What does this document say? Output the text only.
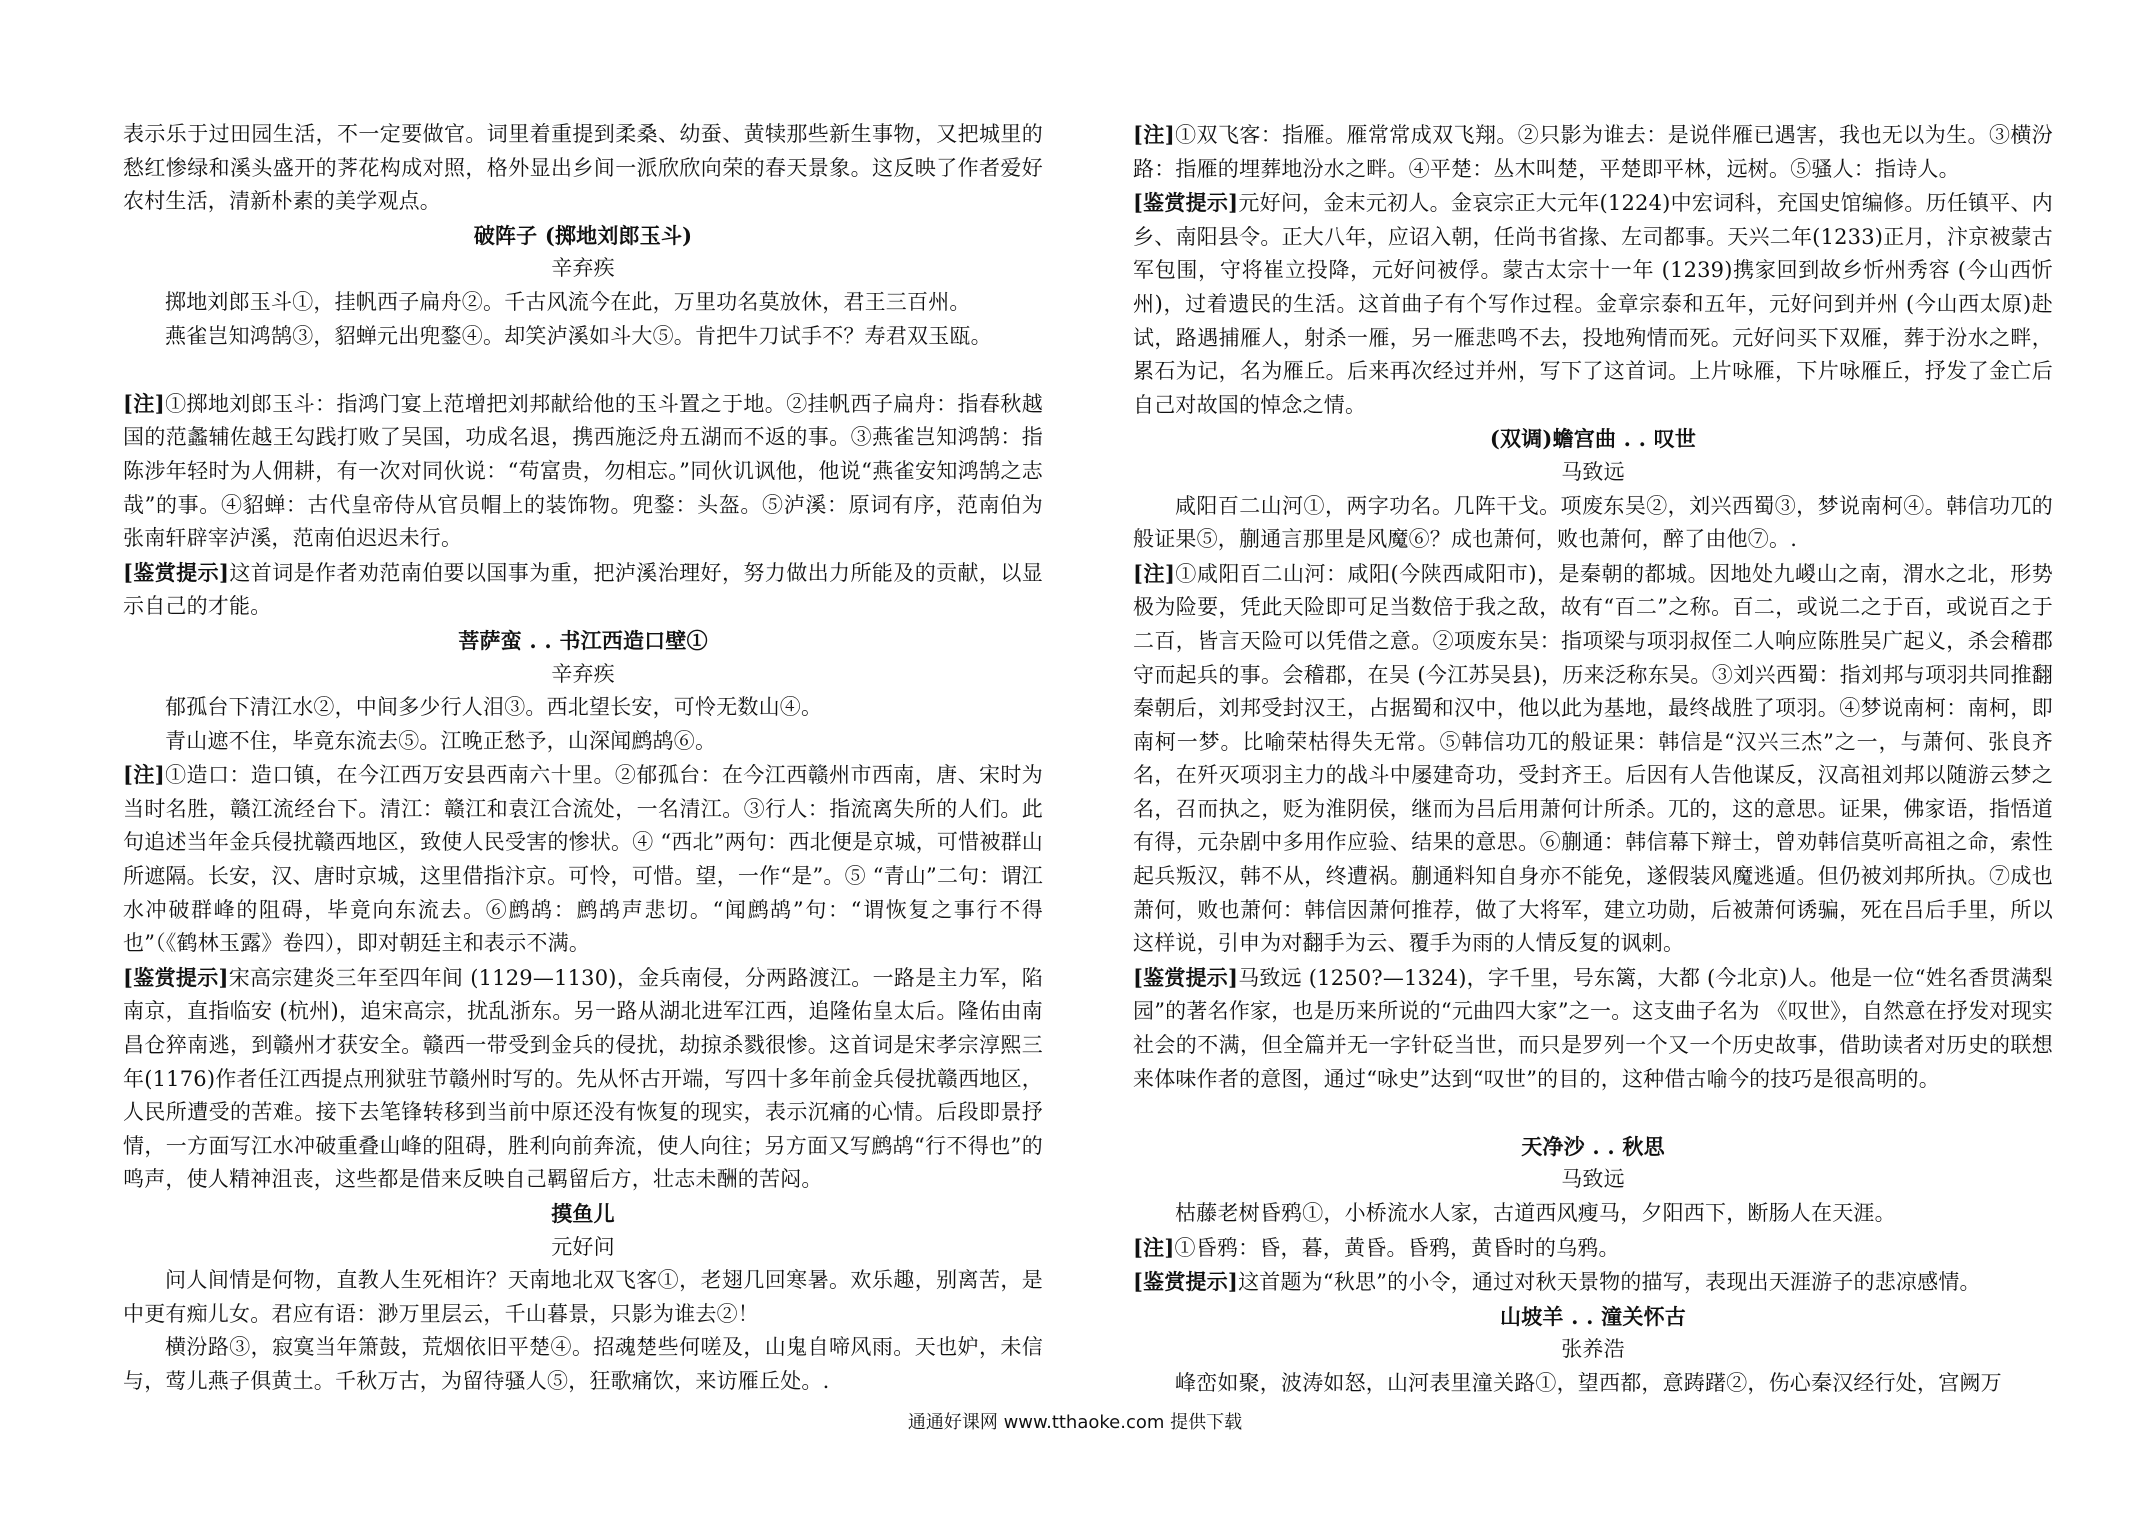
表示乐于过田园生活，不一定要做官。词里着重提到柔桑、幼蚕、黄犊那些新生事物，又把城里的愁红惨绿和溪头盛开的荠花构成对照，格外显出乡间一派欣欣向荣的春天景象。这反映了作者爱好农村生活，清新朴素的美学观点。

破阵子 (掷地刘郎玉斗)

辛弃疾

掷地刘郎玉斗①，挂帆西子扁舟②。千古风流今在此，万里功名莫放休，君王三百州。

燕雀岂知鸿鹄③，貂蝉元出兜鍪④。却笑泸溪如斗大⑤。肯把牛刀试手不？寿君双玉瓯。

[注]①掷地刘郎玉斗：指鸿门宴上范增把刘邦献给他的玉斗置之于地。②挂帆西子扁舟：指春秋越国的范蠡辅佐越王勾践打败了吴国，功成名退，携西施泛舟五湖而不返的事。③燕雀岂知鸿鹄：指陈涉年轻时为人佣耕，有一次对同伙说：“苟富贵，勿相忘。”同伙讥讽他，他说“燕雀安知鸿鹄之志哉”的事。④貂蝉：古代皇帝侍从官员帽上的装饰物。兜鍪：头盔。⑤泸溪：原词有序，范南伯为张南轩辟宰泸溪，范南伯迟迟未行。

[鉴赏提示]这首词是作者劝范南伯要以国事为重，把泸溪治理好，努力做出力所能及的贡献，以显示自己的才能。

菩萨蛮 . . 书江西造口壁①

辛弃疾

郁孤台下清江水②，中间多少行人泪③。西北望长安，可怜无数山④。

青山遮不住，毕竟东流去⑤。江晚正愁予，山深闻鹧鸪⑥。

[注]①造口：造口镇，在今江西万安县西南六十里。②郁孤台：在今江西赣州市西南，唐、宋时为当时名胜，赣江流经台下。清江：赣江和袁江合流处，一名清江。③行人：指流离失所的人们。此句追述当年金兵侵扰赣西地区，致使人民受害的惨状。④ “西北”两句：西北便是京城，可惜被群山所遮隔。长安，汉、唐时京城，这里借指汴京。可怜，可惜。望，一作“是”。⑤ “青山”二句：谓江水冲破群峰的阻碍，毕竟向东流去。⑥鹧鸪：鹧鸪声悲切。“闻鹧鸪”句：“谓恢复之事行不得也”（《鹤林玉露》卷四），即对朝廷主和表示不满。

[鉴赏提示]宋高宗建炎三年至四年间 (1129—1130)，金兵南侵，分两路渡江。一路是主力军，陷南京，直指临安 (杭州)，追宋高宗，扰乱浙东。另一路从湖北进军江西，追隆佑皇太后。隆佑由南昌仓猝南逃，到赣州才获安全。赣西一带受到金兵的侵扰，劫掠杀戮很惨。这首词是宋孝宗淳熙三年(1176)作者任江西提点刑狱驻节赣州时写的。先从怀古开端，写四十多年前金兵侵扰赣西地区，人民所遭受的苦难。接下去笔锋转移到当前中原还没有恢复的现实，表示沉痛的心情。后段即景抒情，一方面写江水冲破重叠山峰的阻碍，胜利向前奔流，使人向往；另方面又写鹧鸪“行不得也”的鸣声，使人精神沮丧，这些都是借来反映自己羁留后方，壮志未酬的苦闷。

摸鱼儿

元好问

问人间情是何物，直教人生死相许？天南地北双飞客①，老翅几回寒暑。欢乐趣，别离苦，是中更有痴儿女。君应有语：渺万里层云，千山暮景，只影为谁去②！

横汾路③，寂寞当年箫鼓，荒烟依旧平楚④。招魂楚些何嗟及，山鬼自啼风雨。天也妒，未信与，莺儿燕子俱黄土。千秋万古，为留待骚人⑤，狂歌痛饮，来访雁丘处。.

[注]①双飞客：指雁。雁常常成双飞翔。②只影为谁去：是说伴雁已遇害，我也无以为生。③横汾路：指雁的埋葬地汾水之畔。④平楚：丛木叫楚，平楚即平林，远树。⑤骚人：指诗人。

[鉴赏提示]元好问，金末元初人。金哀宗正大元年(1224)中宏词科，充国史馆编修。历任镇平、内乡、南阳县令。正大八年，应诏入朝，任尚书省掾、左司都事。天兴二年(1233)正月，汴京被蒙古军包围，守将崔立投降，元好问被俘。蒙古太宗十一年 (1239)携家回到故乡忻州秀容 (今山西忻州)，过着遗民的生活。这首曲子有个写作过程。金章宗泰和五年，元好问到并州 (今山西太原)赴试，路遇捕雁人，射杀一雁，另一雁悲鸣不去，投地殉情而死。元好问买下双雁，葬于汾水之畔，累石为记，名为雁丘。后来再次经过并州，写下了这首词。上片咏雁，下片咏雁丘，抒发了金亡后自己对故国的悼念之情。

(双调)蟾宫曲 . . 叹世

马致远

咸阳百二山河①，两字功名。几阵干戈。项废东吴②，刘兴西蜀③，梦说南柯④。韩信功兀的般证果⑤，蒯通言那里是风魔⑥？成也萧何，败也萧何，醉了由他⑦。.

[注]①咸阳百二山河：咸阳(今陕西咸阳市)，是秦朝的都城。因地处九嵕山之南，渭水之北，形势极为险要，凭此天险即可足当数倍于我之敌，故有“百二”之称。百二，或说二之于百，或说百之于二百，皆言天险可以凭借之意。②项废东吴：指项梁与项羽叔侄二人响应陈胜吴广起义，杀会稽郡守而起兵的事。会稽郡，在吴 (今江苏吴县)，历来泛称东吴。③刘兴西蜀：指刘邦与项羽共同推翻秦朝后，刘邦受封汉王，占据蜀和汉中，他以此为基地，最终战胜了项羽。④梦说南柯：南柯，即南柯一梦。比喻荣枯得失无常。⑤韩信功兀的般证果：韩信是“汉兴三杰”之一，与萧何、张良齐名，在歼灭项羽主力的战斗中屡建奇功，受封齐王。后因有人告他谋反，汉高祖刘邦以随游云梦之名，召而执之，贬为淮阴侯，继而为吕后用萧何计所杀。兀的，这的意思。证果，佛家语，指悟道有得，元杂剧中多用作应验、结果的意思。⑥蒯通：韩信幕下辩士，曾劝韩信莫听高祖之命，索性起兵叛汉，韩不从，终遭祸。蒯通料知自身亦不能免，遂假装风魔逃遁。但仍被刘邦所执。⑦成也萧何，败也萧何：韩信因萧何推荐，做了大将军，建立功勋，后被萧何诱骗，死在吕后手里，所以这样说，引申为对翻手为云、覆手为雨的人情反复的讽刺。

[鉴赏提示]马致远 (1250?—1324)，字千里，号东篱，大都 (今北京)人。他是一位“姓名香贯满梨园”的著名作家，也是历来所说的“元曲四大家”之一。这支曲子名为 《叹世》，自然意在抒发对现实社会的不满，但全篇并无一字针砭当世，而只是罗列一个又一个历史故事，借助读者对历史的联想来体味作者的意图，通过“咏史”达到“叹世”的目的，这种借古喻今的技巧是很高明的。

天净沙 . . 秋思

马致远

枯藤老树昏鸦①，小桥流水人家，古道西风瘦马，夕阳西下，断肠人在天涯。

[注]①昏鸦：昏，暮，黄昏。昏鸦，黄昏时的乌鸦。

[鉴赏提示]这首题为“秋思”的小令，通过对秋天景物的描写，表现出天涯游子的悲凉感情。

山坡羊 . . 潼关怀古

张养浩

峰峦如聚，波涛如怒，山河表里潼关路①，望西都，意踌躇②，伤心秦汉经行处，宫阙万

通通好课网 www.tthaoke.com 提供下载
